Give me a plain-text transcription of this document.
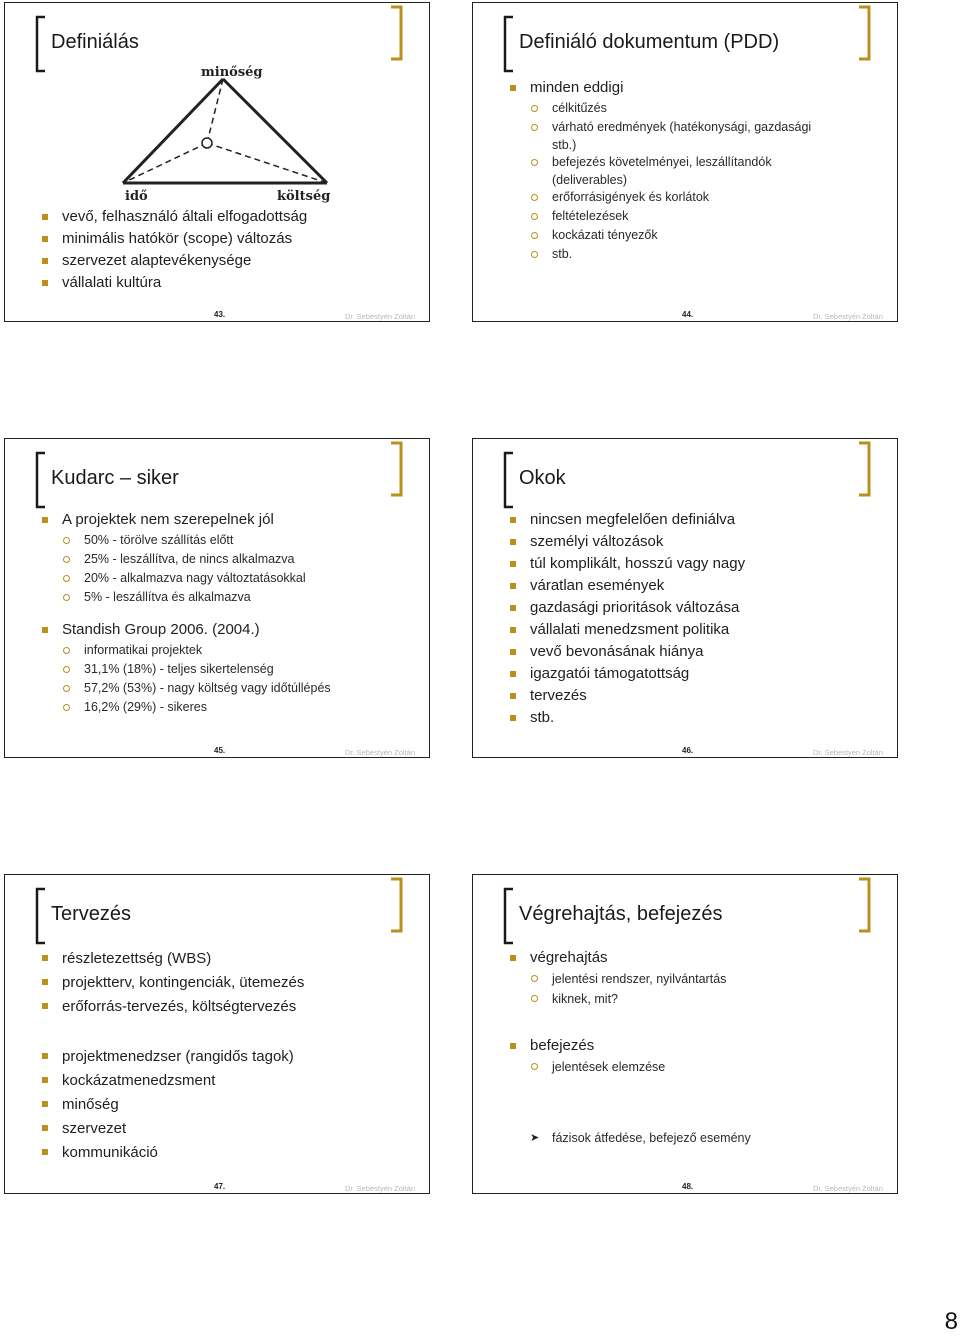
Definiálás
minőség
idő	költség
vevő, felhasználó általi elfogadottság
minimális hatókör (scope) változás
szervezet alaptevékenysége
vállalati kultúra
43.	Dr. Sebestyén Zoltán
Definiáló dokumentum (PDD)
minden eddigi
célkitűzés
várható eredmények (hatékonysági, gazdasági
stb.)
befejezés követelményei, leszállítandók
(deliverables)
erőforrásigények és korlátok
feltételezések
kockázati tényezők
stb.
44.	Dr. Sebestyén Zoltán
Kudarc – siker
A projektek nem szerepelnek jól
50% - törölve szállítás előtt
25% - leszállítva, de nincs alkalmazva
20% - alkalmazva nagy változtatásokkal
5% - leszállítva és alkalmazva
Standish Group 2006. (2004.)
informatikai projektek
31,1% (18%) - teljes sikertelenség
57,2% (53%) - nagy költség vagy időtúllépés
16,2% (29%) - sikeres
45.	Dr. Sebestyén Zoltán
Okok
nincsen megfelelően definiálva
személyi változások
túl komplikált, hosszú vagy nagy
váratlan események
gazdasági prioritások változása
vállalati menedzsment politika
vevő bevonásának hiánya
igazgatói támogatottság
tervezés
stb.
46.	Dr. Sebestyén Zoltán
Tervezés
részletezettség (WBS)
projektterv, kontingenciák, ütemezés
erőforrás-tervezés, költségtervezés
projektmenedzser (rangidős tagok)
kockázatmenedzsment
minőség
szervezet
kommunikáció
47.	Dr. Sebestyén Zoltán
Végrehajtás, befejezés
végrehajtás
jelentési rendszer, nyilvántartás
kiknek, mit?
befejezés
jelentések elemzése
➤ fázisok átfedése, befejező esemény
48.	Dr. Sebestyén Zoltán
8
